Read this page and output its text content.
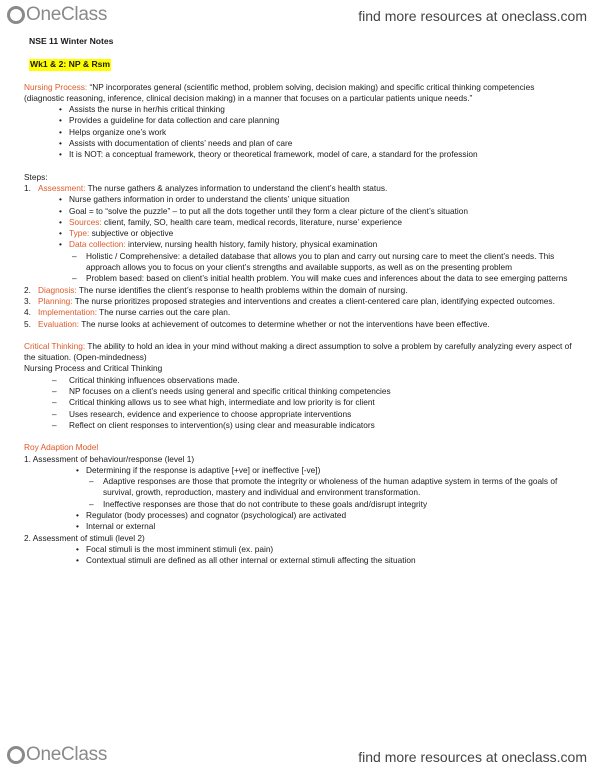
OneClass	find more resources at oneclass.com

NSE 11 Winter Notes

Wk1 & 2: NP & Rsm

Nursing Process: “NP incorporates general (scientific method, problem solving, decision making) and specific critical thinking competencies (diagnostic reasoning, inference, clinical decision making) in a manner that focuses on a particular patients unique needs.”

• Assists the nurse in her/his critical thinking
• Provides a guideline for data collection and care planning
• Helps organize one’s work
• Assists with documentation of clients’ needs and plan of care
• It is NOT: a conceptual framework, theory or theoretical framework, model of care, a standard for the profession

Steps:

1. Assessment: The nurse gathers & analyzes information to understand the client’s health status.
• Nurse gathers information in order to understand the clients’ unique situation
• Goal = to “solve the puzzle” – to put all the dots together until they form a clear picture of the client’s situation
• Sources: client, family, SO, health care team, medical records, literature, nurse’ experience
• Type: subjective or objective
• Data collection: interview, nursing health history, family history, physical examination
– Holistic / Comprehensive: a detailed database that allows you to plan and carry out nursing care to meet the client’s needs. This approach allows you to focus on your client’s strengths and available supports, as well as on the presenting problem
– Problem based: based on client’s initial health problem. You will make cues and inferences about the data to see emerging patterns
2. Diagnosis: The nurse identifies the client’s response to health problems within the domain of nursing.
3. Planning: The nurse prioritizes proposed strategies and interventions and creates a client-centered care plan, identifying expected outcomes.
4. Implementation: The nurse carries out the care plan.
5. Evaluation: The nurse looks at achievement of outcomes to determine whether or not the interventions have been effective.

Critical Thinking: The ability to hold an idea in your mind without making a direct assumption to solve a problem by carefully analyzing every aspect of the situation. (Open-mindedness)

Nursing Process and Critical Thinking

– Critical thinking influences observations made.
– NP focuses on a client’s needs using general and specific critical thinking competencies
– Critical thinking allows us to see what high, intermediate and low priority is for client
– Uses research, evidence and experience to choose appropriate interventions
– Reflect on client responses to intervention(s) using clear and measurable indicators

Roy Adaption Model

1. Assessment of behaviour/response (level 1)

• Determining if the response is adaptive [+ve] or ineffective [-ve])
– Adaptive responses are those that promote the integrity or wholeness of the human adaptive system in terms of the goals of survival, growth, reproduction, mastery and individual and environment transformation.
– Ineffective responses are those that do not contribute to these goals and/disrupt integrity
• Regulator (body processes) and cognator (psychological) are activated
• Internal or external

2. Assessment of stimuli (level 2)

• Focal stimuli is the most imminent stimuli (ex. pain)
• Contextual stimuli are defined as all other internal or external stimuli affecting the situation
OneClass	find more resources at oneclass.com
